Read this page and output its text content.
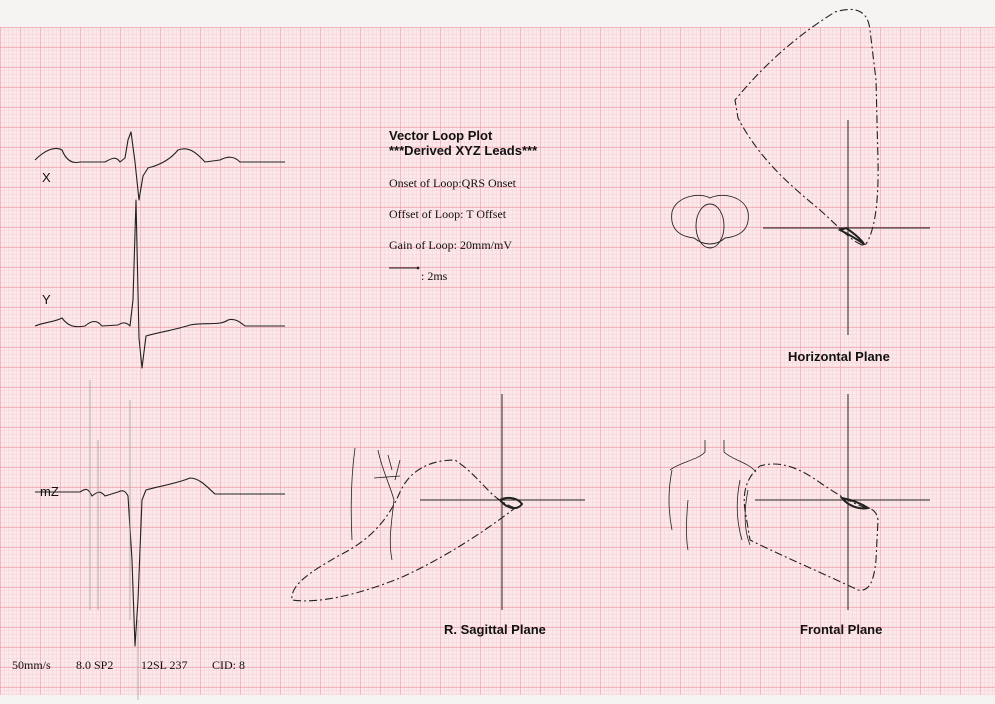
Vector Loop Plot
***Derived XYZ Leads***
Onset of Loop:QRS Onset
Offset of Loop: T Offset
Gain of Loop: 20mm/mV
: 2ms
X
Y
mZ
Horizontal Plane
R. Sagittal Plane	Frontal Plane
50mm/s 8.0 SP2 12SL 237 CID: 8
